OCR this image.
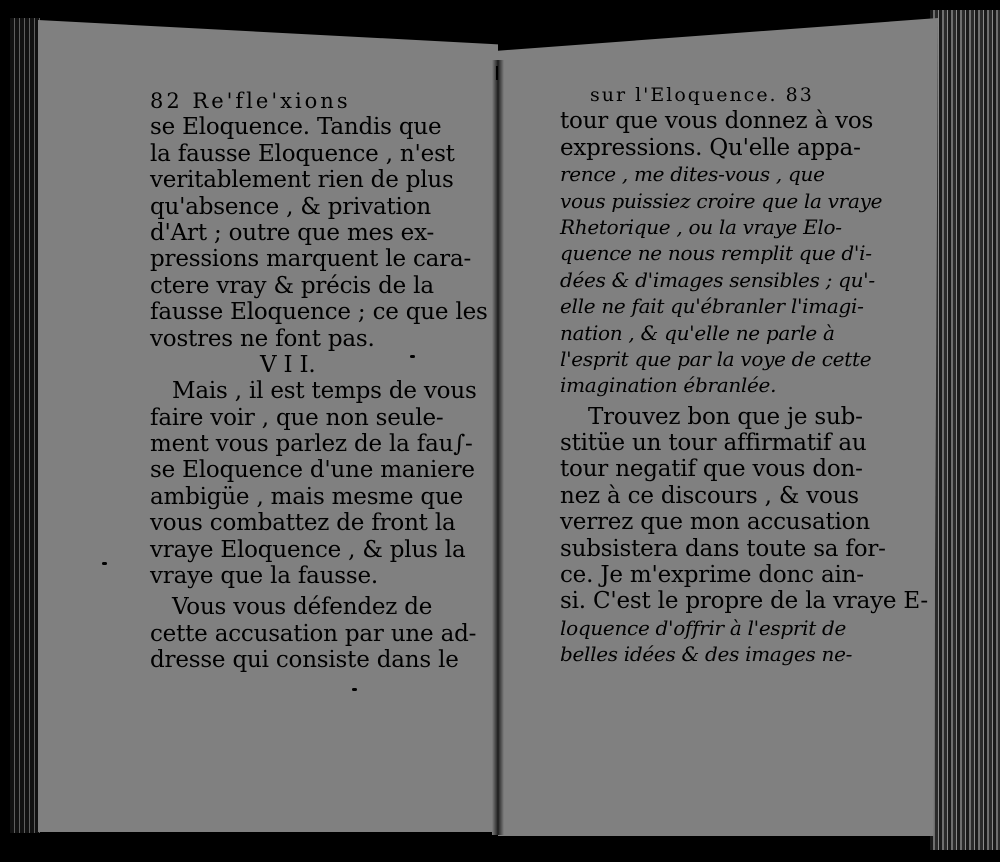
82 Re'fle'xions
se Eloquence. Tandis que
la fausse Eloquence , n'est
veritablement rien de plus
qu'absence , & privation
d'Art ; outre que mes ex-
pressions marquent le cara-
ctere vray & précis de la
fausse Eloquence ; ce que les
vostres ne font pas.
V I I.
Mais , il est temps de vous
faire voir , que non seule-
ment vous parlez de la fau∫-
se Eloquence d'une maniere
ambigüe , mais mesme que
vous combattez de front la
vraye Eloquence , & plus la
vraye que la fausse.
Vous vous défendez de
cette accusation par une ad-
dresse qui consiste dans le
sur l'Eloquence. 83
tour que vous donnez à vos
expressions. Qu'elle appa-
rence , me dites-vous , que
vous puissiez croire que la vraye
Rhetorique , ou la vraye Elo-
quence ne nous remplit que d'i-
dées & d'images sensibles ; qu'-
elle ne fait qu'ébranler l'imagi-
nation , & qu'elle ne parle à
l'esprit que par la voye de cette
imagination ébranlée.
Trouvez bon que je sub-
stitüe un tour affirmatif au
tour negatif que vous don-
nez à ce discours , & vous
verrez que mon accusation
subsistera dans toute sa for-
ce. Je m'exprime donc ain-
si. C'est le propre de la vraye E-
loquence d'offrir à l'esprit de
belles idées & des images ne-
